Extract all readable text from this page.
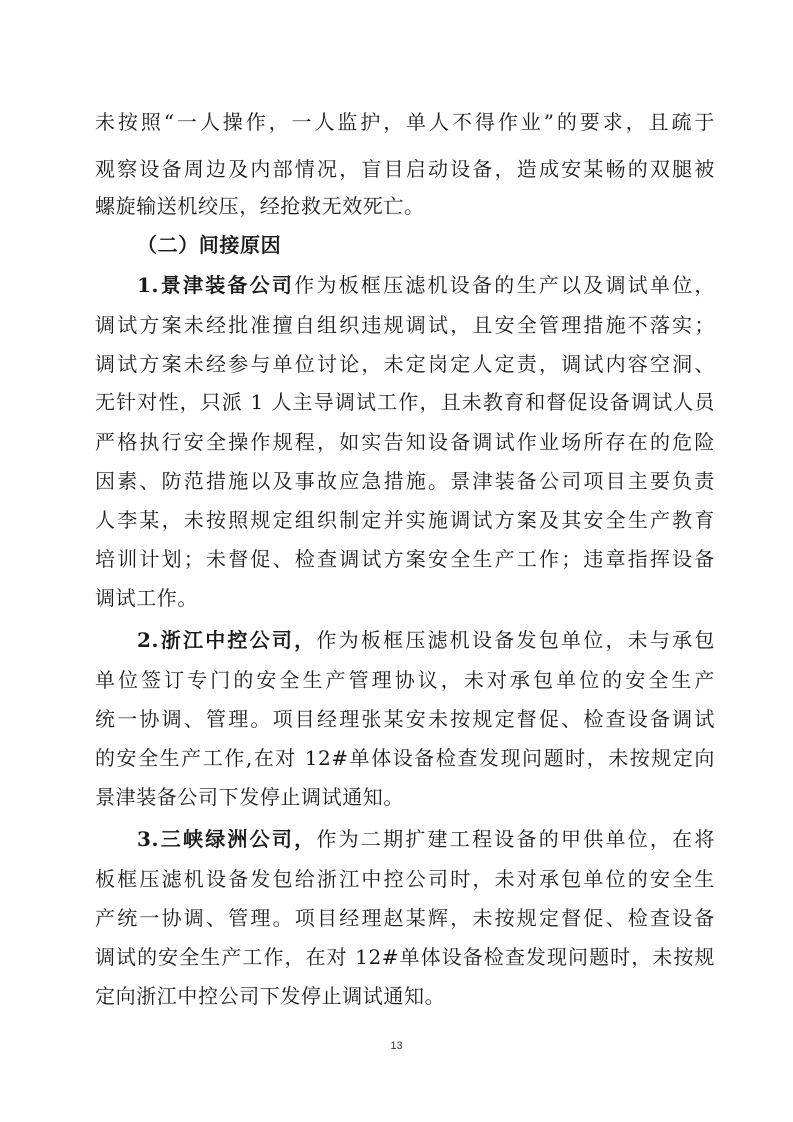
未按照“一人操作，一人监护，单人不得作业”的要求，且疏于
观察设备周边及内部情况，盲目启动设备，造成安某畅的双腿被
螺旋输送机绞压，经抢救无效死亡。
（二）间接原因
1.景津装备公司作为板框压滤机设备的生产以及调试单位，
调试方案未经批准擅自组织违规调试，且安全管理措施不落实；
调试方案未经参与单位讨论，未定岗定人定责，调试内容空洞、
无针对性，只派 1 人主导调试工作，且未教育和督促设备调试人员
严格执行安全操作规程，如实告知设备调试作业场所存在的危险
因素、防范措施以及事故应急措施。景津装备公司项目主要负责
人李某，未按照规定组织制定并实施调试方案及其安全生产教育
培训计划；未督促、检查调试方案安全生产工作；违章指挥设备
调试工作。
2.浙江中控公司，作为板框压滤机设备发包单位，未与承包
单位签订专门的安全生产管理协议，未对承包单位的安全生产
统一协调、管理。项目经理张某安未按规定督促、检查设备调试
的安全生产工作,在对 12#单体设备检查发现问题时，未按规定向
景津装备公司下发停止调试通知。
3.三峡绿洲公司，作为二期扩建工程设备的甲供单位，在将
板框压滤机设备发包给浙江中控公司时，未对承包单位的安全生
产统一协调、管理。项目经理赵某辉，未按规定督促、检查设备
调试的安全生产工作，在对 12#单体设备检查发现问题时，未按规
定向浙江中控公司下发停止调试通知。
13
